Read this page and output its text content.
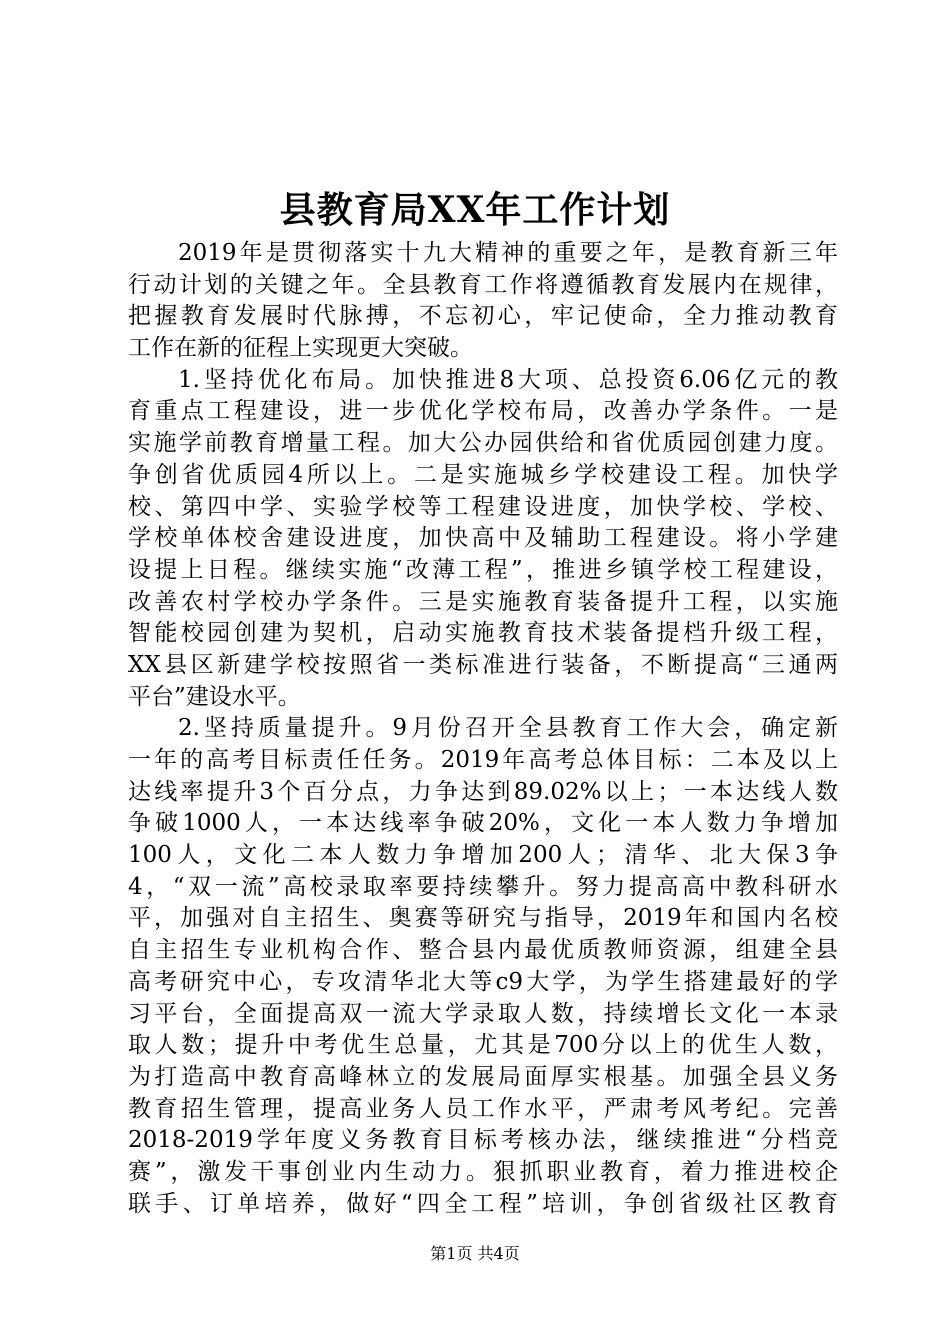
县教育局XX年工作计划
2019年是贯彻落实十九大精神的重要之年，是教育新三年
行动计划的关键之年。全县教育工作将遵循教育发展内在规律，
把握教育发展时代脉搏，不忘初心，牢记使命，全力推动教育
工作在新的征程上实现更大突破。
1.坚持优化布局。加快推进8大项、总投资6.06亿元的教
育重点工程建设，进一步优化学校布局，改善办学条件。一是
实施学前教育增量工程。加大公办园供给和省优质园创建力度。
争创省优质园4所以上。二是实施城乡学校建设工程。加快学
校、第四中学、实验学校等工程建设进度，加快学校、学校、
学校单体校舍建设进度，加快高中及辅助工程建设。将小学建
设提上日程。继续实施“改薄工程”，推进乡镇学校工程建设，
改善农村学校办学条件。三是实施教育装备提升工程，以实施
智能校园创建为契机，启动实施教育技术装备提档升级工程，
XX县区新建学校按照省一类标准进行装备，不断提高“三通两
平台”建设水平。
2.坚持质量提升。9月份召开全县教育工作大会，确定新
一年的高考目标责任任务。2019年高考总体目标：二本及以上
达线率提升3个百分点，力争达到89.02%以上；一本达线人数
争破1000人，一本达线率争破20%，文化一本人数力争增加
100人，文化二本人数力争增加200人；清华、北大保3争
4，“双一流”高校录取率要持续攀升。努力提高高中教科研水
平，加强对自主招生、奥赛等研究与指导，2019年和国内名校
自主招生专业机构合作、整合县内最优质教师资源，组建全县
高考研究中心，专攻清华北大等c9大学，为学生搭建最好的学
习平台，全面提高双一流大学录取人数，持续增长文化一本录
取人数；提升中考优生总量，尤其是700分以上的优生人数，
为打造高中教育高峰林立的发展局面厚实根基。加强全县义务
教育招生管理，提高业务人员工作水平，严肃考风考纪。完善
2018-2019学年度义务教育目标考核办法，继续推进“分档竞
赛”，激发干事创业内生动力。狠抓职业教育，着力推进校企
联手、订单培养，做好“四全工程”培训，争创省级社区教育
第1页 共4页
